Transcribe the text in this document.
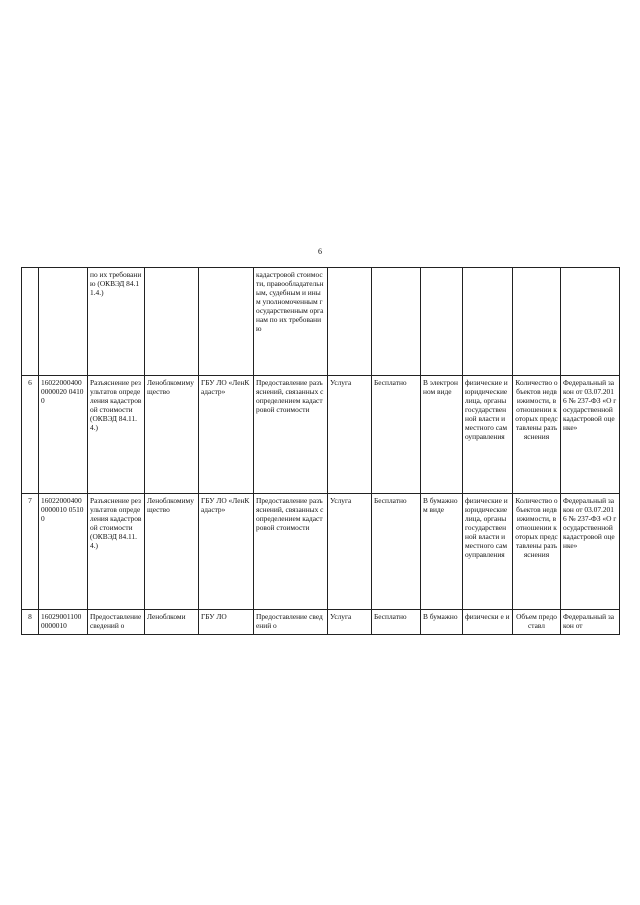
6
		по их требованию (ОКВЭД 84.11.4.)			кадастровой стоимости, правообладательным, судебным и иным уполномоченным государственным органам по их требованию						
6	160220004000000020 04100	Разъяснение результатов определения кадастровой стоимости (ОКВЭД 84.11.4.)	Леноблкомимущество	ГБУ ЛО «ЛенКадастр»	Предоставление разъяснений, связанных с определением кадастровой стоимости	Услуга	Бесплатно	В электронном виде	физические и юридические лица, органы государственной власти и местного самоуправления	Количество объектов недвижимости, в отношении которых представлены разъяснения	Федеральный закон от 03.07.2016 № 237-ФЗ «О государственной кадастровой оценке»
7	160220004000000010 05100	Разъяснение результатов определения кадастровой стоимости (ОКВЭД 84.11.4.)	Леноблкомимущество	ГБУ ЛО «ЛенКадастр»	Предоставление разъяснений, связанных с определением кадастровой стоимости	Услуга	Бесплатно	В бумажном виде	физические и юридические лица, органы государственной власти и местного самоуправления	Количество объектов недвижимости, в отношении которых представлены разъяснения	Федеральный закон от 03.07.2016 № 237-ФЗ «О государственной кадастровой оценке»
8	160290011000000010	Предоставление сведений о	Леноблкоми	ГБУ ЛО	Предоставление сведений о	Услуга	Бесплатно	В бумажно	физически е и	Объем предоставл	Федеральный закон от
